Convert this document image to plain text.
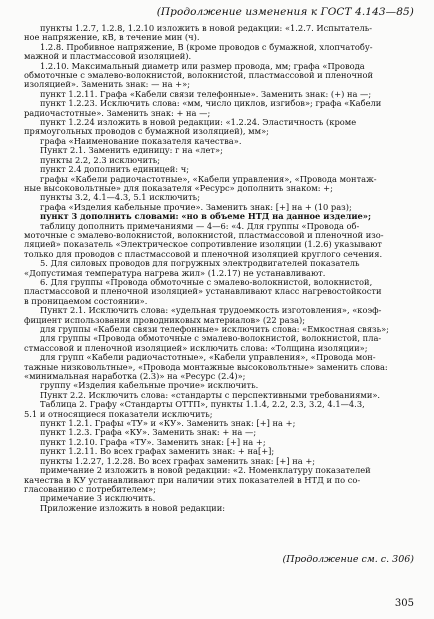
(Продолжение изменения к ГОСТ 4.143—85)
пункты 1.2.7, 1.2.8, 1.2.10 изложить в новой редакции: «1.2.7. Испытатель-
ное напряжение, кВ, в течение мин (ч).
1.2.8. Пробивное напряжение, В (кроме проводов с бумажной, хлопчатобу-
мажной и пластмассовой изоляцией).
1.2.10. Максимальный диаметр или размер провода, мм; графа «Провода
обмоточные с эмалево-волокнистой, волокнистой, пластмассовой и пленочной
изоляцией». Заменить знак: — на +»;
пункт 1.2.11. Графа «Кабели связи телефонные». Заменить знак: (+) на —;
пункт 1.2.23. Исключить слова: «мм, число циклов, изгибов»; графа «Кабели
радиочастотные». Заменить знак: + на —;
пункт 1.2.24 изложить в новой редакции: «1.2.24. Эластичность (кроме
прямоугольных проводов с бумажной изоляцией), мм»;
графа «Наименование показателя качества».
Пункт 2.1. Заменить единицу: г на «лет»;
пункты 2.2, 2.3 исключить;
пункт 2.4 дополнить единицей: ч;
графы «Кабели радиочастотные», «Кабели управления», «Провода монтаж-
ные высоковольтные» для показателя «Ресурс» дополнить знаком: +;
пункты 3.2, 4.1—4.3, 5.1 исключить;
графа «Изделия кабельные прочие». Заменить знак: [+] на + (10 раз);
пункт 3 дополнить словами: «но в объеме НТД на данное изделие»;
таблицу дополнить примечаниями — 4—6: «4. Для группы «Провода об-
моточные с эмалево-волокнистой, волокнистой, пластмассовой и пленочной изо-
ляцией» показатель «Электрическое сопротивление изоляции (1.2.6) указывают
только для проводов с пластмассовой и пленочной изоляцией круглого сечения.
5. Для силовых проводов для погружных электродвигателей показатель
«Допустимая температура нагрева жил» (1.2.17) не устанавливают.
6. Для группы «Провода обмоточные с эмалево-волокнистой, волокнистой,
пластмассовой и пленочной изоляцией» устанавливают класс нагревостойкости
в проницаемом состоянии».
Пункт 2.1. Исключить слова: «удельная трудоемкость изготовления», «коэф-
фициент использования проводниковых материалов» (22 раза);
для группы «Кабели связи телефонные» исключить слова: «Емкостная связь»;
для группы «Провода обмоточные с эмалево-волокнистой, волокнистой, пла-
стмассовой и пленочной изоляцией» исключить слова: «Толщина изоляции»;
для групп «Кабели радиочастотные», «Кабели управления», «Провода мон-
тажные низковольтные», «Провода монтажные высоковольтные» заменить слова:
«минимальная наработка (2.3)» на «Ресурс (2.4)»;
группу «Изделия кабельные прочие» исключить.
Пункт 2.2. Исключить слова: «стандарты с перспективными требованиями».
Таблица 2. Графу «Стандарты ОТТП», пункты 1.1.4, 2.2, 2.3, 3.2, 4.1—4.3,
5.1 и относящиеся показатели исключить;
пункт 1.2.1. Графы «ТУ» и «КУ». Заменить знак: [+] на +;
пункт 1.2.3. Графа «КУ». Заменить знак: + на —;
пункт 1.2.10. Графа «ТУ». Заменить знак: [+] на +;
пункт 1.2.11. Во всех графах заменить знак: + на[+];
пункты 1.2.27, 1.2.28. Во всех графах заменить знак: [+] на +;
примечание 2 изложить в новой редакции: «2. Номенклатуру показателей
качества в КУ устанавливают при наличии этих показателей в НТД и по со-
гласованию с потребителем»;
примечание 3 исключить.
Приложение изложить в новой редакции:
(Продолжение см. с. 306)
305
